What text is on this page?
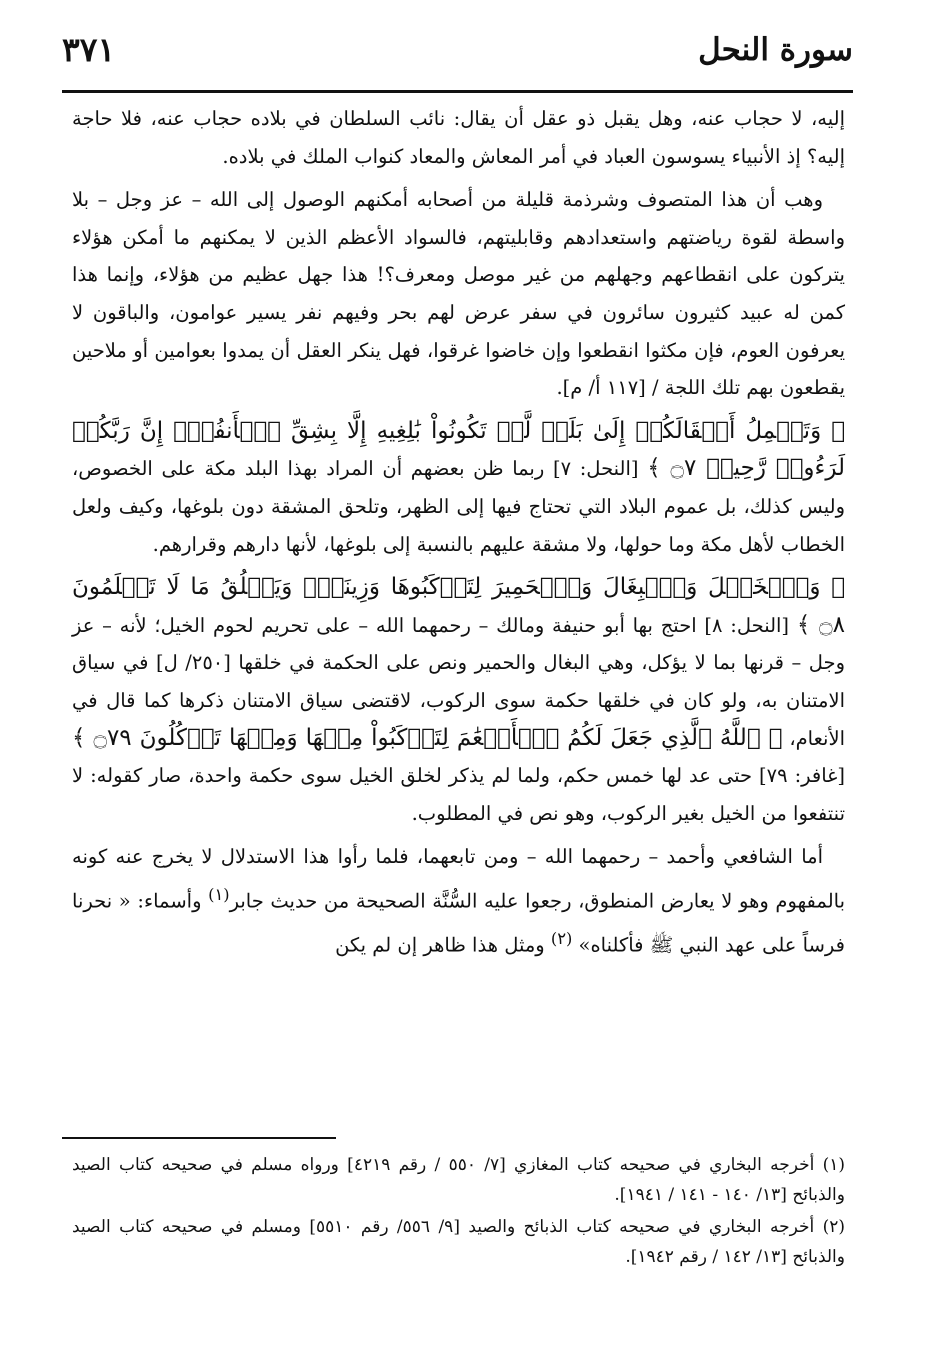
سورة النحل
٣٧١

إليه، لا حجاب عنه، وهل يقبل ذو عقل أن يقال: نائب السلطان في بلاده حجاب عنه، فلا حاجة إليه؟ إذ الأنبياء يسوسون العباد في أمر المعاش والمعاد كنواب الملك في بلاده.

وهب أن هذا المتصوف وشرذمة قليلة من أصحابه أمكنهم الوصول إلى الله – عز وجل – بلا واسطة لقوة رياضتهم واستعدادهم وقابليتهم، فالسواد الأعظم الذين لا يمكنهم ما أمكن هؤلاء يتركون على انقطاعهم وجهلهم من غير موصل ومعرف؟! هذا جهل عظيم من هؤلاء، وإنما هذا كمن له عبيد كثيرون سائرون في سفر عرض لهم بحر وفيهم نفر يسير عوامون، والباقون لا يعرفون العوم، فإن مكثوا انقطعوا وإن خاضوا غرقوا، فهل ينكر العقل أن يمدوا بعوامين أو ملاحين يقطعون بهم تلك اللجة / [١١٧ أ/ م].

﴿ وَتَحۡمِلُ أَثۡقَالَكُمۡ إِلَىٰ بَلَدٖ لَّمۡ تَكُونُواْ بَٰلِغِيهِ إِلَّا بِشِقِّ ٱلۡأَنفُسِۚ إِنَّ رَبَّكُمۡ لَرَءُوفٞ رَّحِيمٞ ۝٧ ﴾ [النحل: ٧] ربما ظن بعضهم أن المراد بهذا البلد مكة على الخصوص، وليس كذلك، بل عموم البلاد التي تحتاج فيها إلى الظهر، وتلحق المشقة دون بلوغها، وكيف ولعل الخطاب لأهل مكة وما حولها، ولا مشقة عليهم بالنسبة إلى بلوغها، لأنها دارهم وقرارهم.

﴿ وَٱلۡخَيۡلَ وَٱلۡبِغَالَ وَٱلۡحَمِيرَ لِتَرۡكَبُوهَا وَزِينَةٗۚ وَيَخۡلُقُ مَا لَا تَعۡلَمُونَ ۝٨ ﴾ [النحل: ٨] احتج بها أبو حنيفة ومالك – رحمهما الله – على تحريم لحوم الخيل؛ لأنه – عز وجل – قرنها بما لا يؤكل، وهي البغال والحمير ونص على الحكمة في خلقها [٢٥٠/ ل] في سياق الامتنان به، ولو كان في خلقها حكمة سوى الركوب، لاقتضى سياق الامتنان ذكرها كما قال في الأنعام، ﴿ ٱللَّهُ ٱلَّذِي جَعَلَ لَكُمُ ٱلۡأَنۡعَٰمَ لِتَرۡكَبُواْ مِنۡهَا وَمِنۡهَا تَأۡكُلُونَ ۝٧٩ ﴾ [غافر: ٧٩] حتى عد لها خمس حكم، ولما لم يذكر لخلق الخيل سوى حكمة واحدة، صار كقوله: لا تنتفعوا من الخيل بغير الركوب، وهو نص في المطلوب.

أما الشافعي وأحمد – رحمهما الله – ومن تابعهما، فلما رأوا هذا الاستدلال لا يخرج عنه كونه بالمفهوم وهو لا يعارض المنطوق، رجعوا عليه السُّنَّة الصحيحة من حديث جابر$^{(١)}$ وأسماء: « نحرنا فرساً على عهد النبي ﷺ فأكلناه» $^{(٢)}$ ومثل هذا ظاهر إن لم يكن

(١) أخرجه البخاري في صحيحه كتاب المغازي [٧/ ٥٥٠ / رقم ٤٢١٩] ورواه مسلم في صحيحه كتاب الصيد والذبائح [١٣/ ١٤٠ - ١٤١ / ١٩٤١].

(٢) أخرجه البخاري في صحيحه كتاب الذبائح والصيد [٩/ ٥٥٦/ رقم ٥٥١٠] ومسلم في صحيحه كتاب الصيد والذبائح [١٣/ ١٤٢ / رقم ١٩٤٢].
